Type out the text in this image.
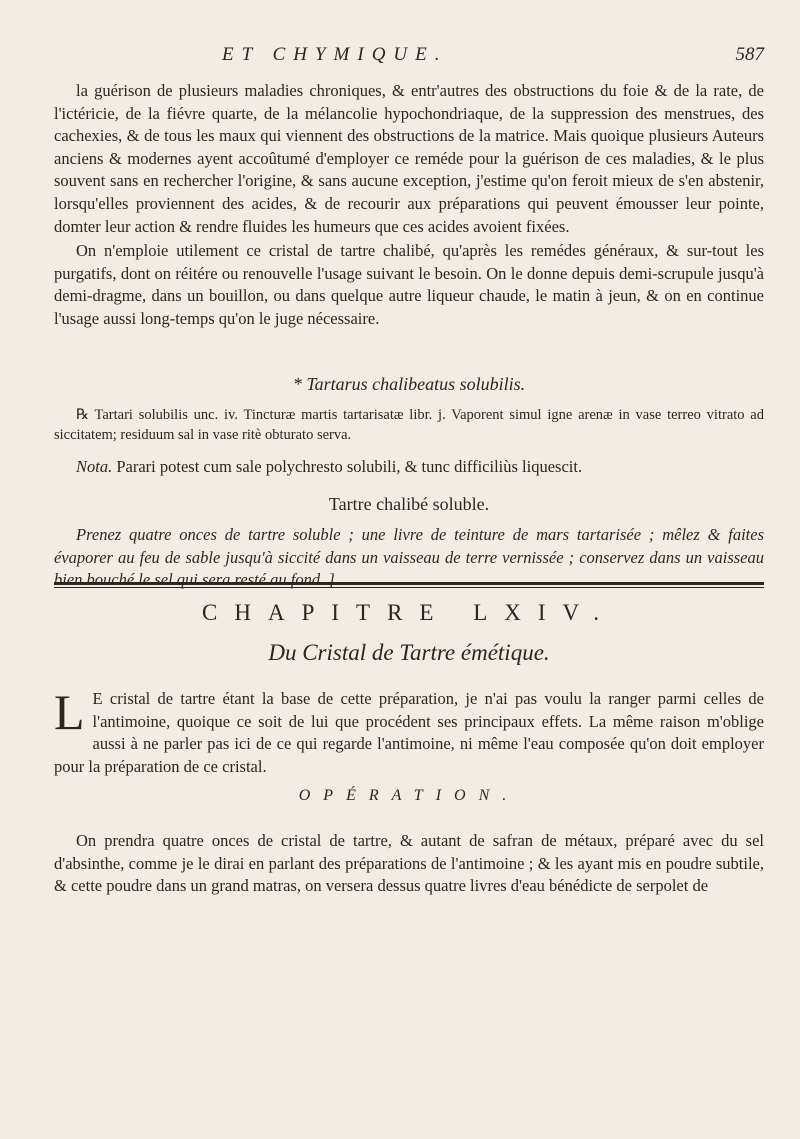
ET CHYMIQUE.	587

la guérison de plusieurs maladies chroniques, & entr'autres des obstructions du foie & de la rate, de l'ictéricie, de la fiévre quarte, de la mélancolie hypochondriaque, de la suppression des menstrues, des cachexies, & de tous les maux qui viennent des obstructions de la matrice. Mais quoique plusieurs Auteurs anciens & modernes ayent accoûtumé d'employer ce reméde pour la guérison de ces maladies, & le plus souvent sans en rechercher l'origine, & sans aucune exception, j'estime qu'on feroit mieux de s'en abstenir, lorsqu'elles proviennent des acides, & de recourir aux préparations qui peuvent émousser leur pointe, domter leur action & rendre fluides les humeurs que ces acides avoient fixées.

On n'emploie utilement ce cristal de tartre chalibé, qu'après les remédes généraux, & sur-tout les purgatifs, dont on réitére ou renouvelle l'usage suivant le besoin. On le donne depuis demi-scrupule jusqu'à demi-dragme, dans un bouillon, ou dans quelque autre liqueur chaude, le matin à jeun, & on en continue l'usage aussi long-temps qu'on le juge nécessaire.

* Tartarus chalibeatus solubilis.

℞ Tartari solubilis unc. iv. Tincturæ martis tartarisatæ libr. j. Vaporent simul igne arenæ in vase terreo vitrato ad siccitatem; residuum sal in vase ritè obturato serva.

Nota. Parari potest cum sale polychresto solubili, & tunc difficiliùs liquescit.

Tartre chalibé soluble.

Prenez quatre onces de tartre soluble ; une livre de teinture de mars tartarisée ; mêlez & faites évaporer au feu de sable jusqu'à siccité dans un vaisseau de terre vernissée ; conservez dans un vaisseau bien bouché le sel qui sera resté au fond. ]

CHAPITRE LXIV.
Du Cristal de Tartre émétique.
L E cristal de tartre étant la base de cette préparation, je n'ai pas voulu la ranger parmi celles de l'antimoine, quoique ce soit de lui que procédent ses principaux effets. La même raison m'oblige aussi à ne parler pas ici de ce qui regarde l'antimoine, ni même l'eau composée qu'on doit employer pour la préparation de ce cristal.

OPÉRATION.

On prendra quatre onces de cristal de tartre, & autant de safran de métaux, préparé avec du sel d'absinthe, comme je le dirai en parlant des préparations de l'antimoine ; & les ayant mis en poudre subtile, & cette poudre dans un grand matras, on versera dessus quatre livres d'eau bénédicte de serpolet de
